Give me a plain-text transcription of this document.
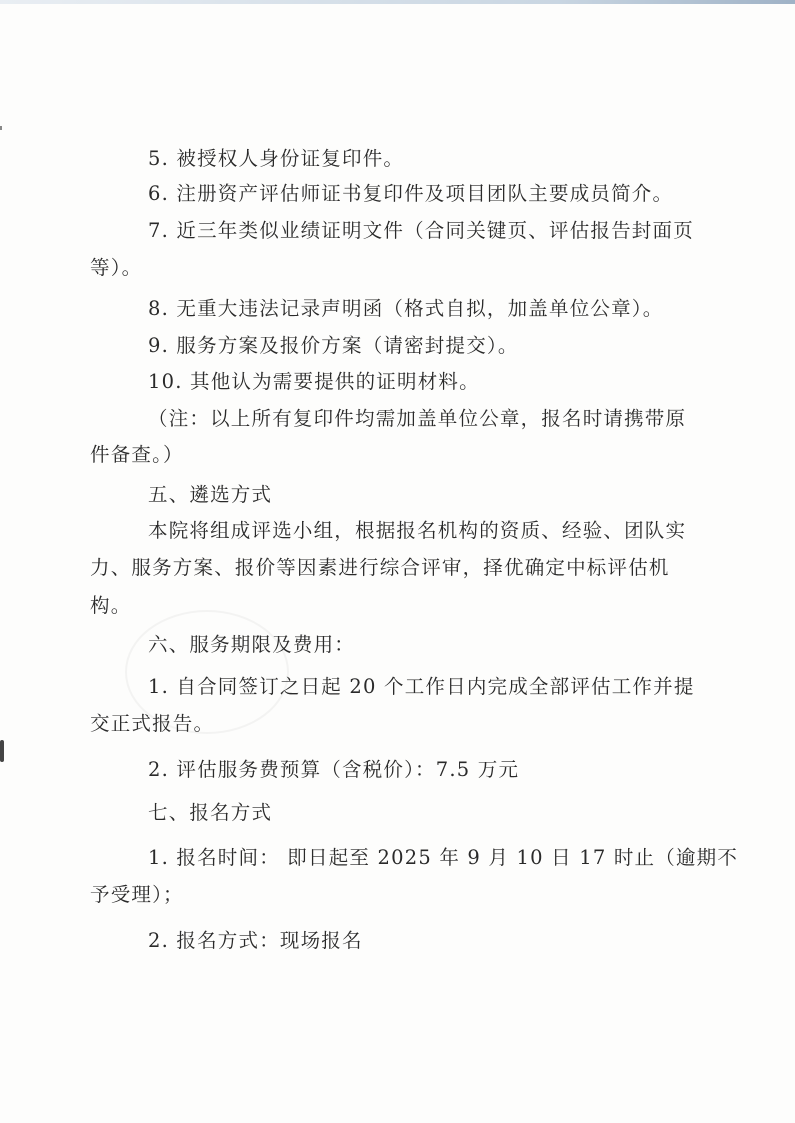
5. 被授权人身份证复印件。
6. 注册资产评估师证书复印件及项目团队主要成员简介。
7. 近三年类似业绩证明文件（合同关键页、评估报告封面页
等）。
8. 无重大违法记录声明函（格式自拟，加盖单位公章）。
9. 服务方案及报价方案（请密封提交）。
10. 其他认为需要提供的证明材料。
（注：以上所有复印件均需加盖单位公章，报名时请携带原
件备查。）
五、遴选方式
本院将组成评选小组，根据报名机构的资质、经验、团队实
力、服务方案、报价等因素进行综合评审，择优确定中标评估机
构。
六、服务期限及费用：
1. 自合同签订之日起 20 个工作日内完成全部评估工作并提
交正式报告。
2. 评估服务费预算（含税价）：7.5 万元
七、报名方式
1. 报名时间： 即日起至 2025 年 9 月 10 日 17 时止（逾期不
予受理）；
2. 报名方式：现场报名
